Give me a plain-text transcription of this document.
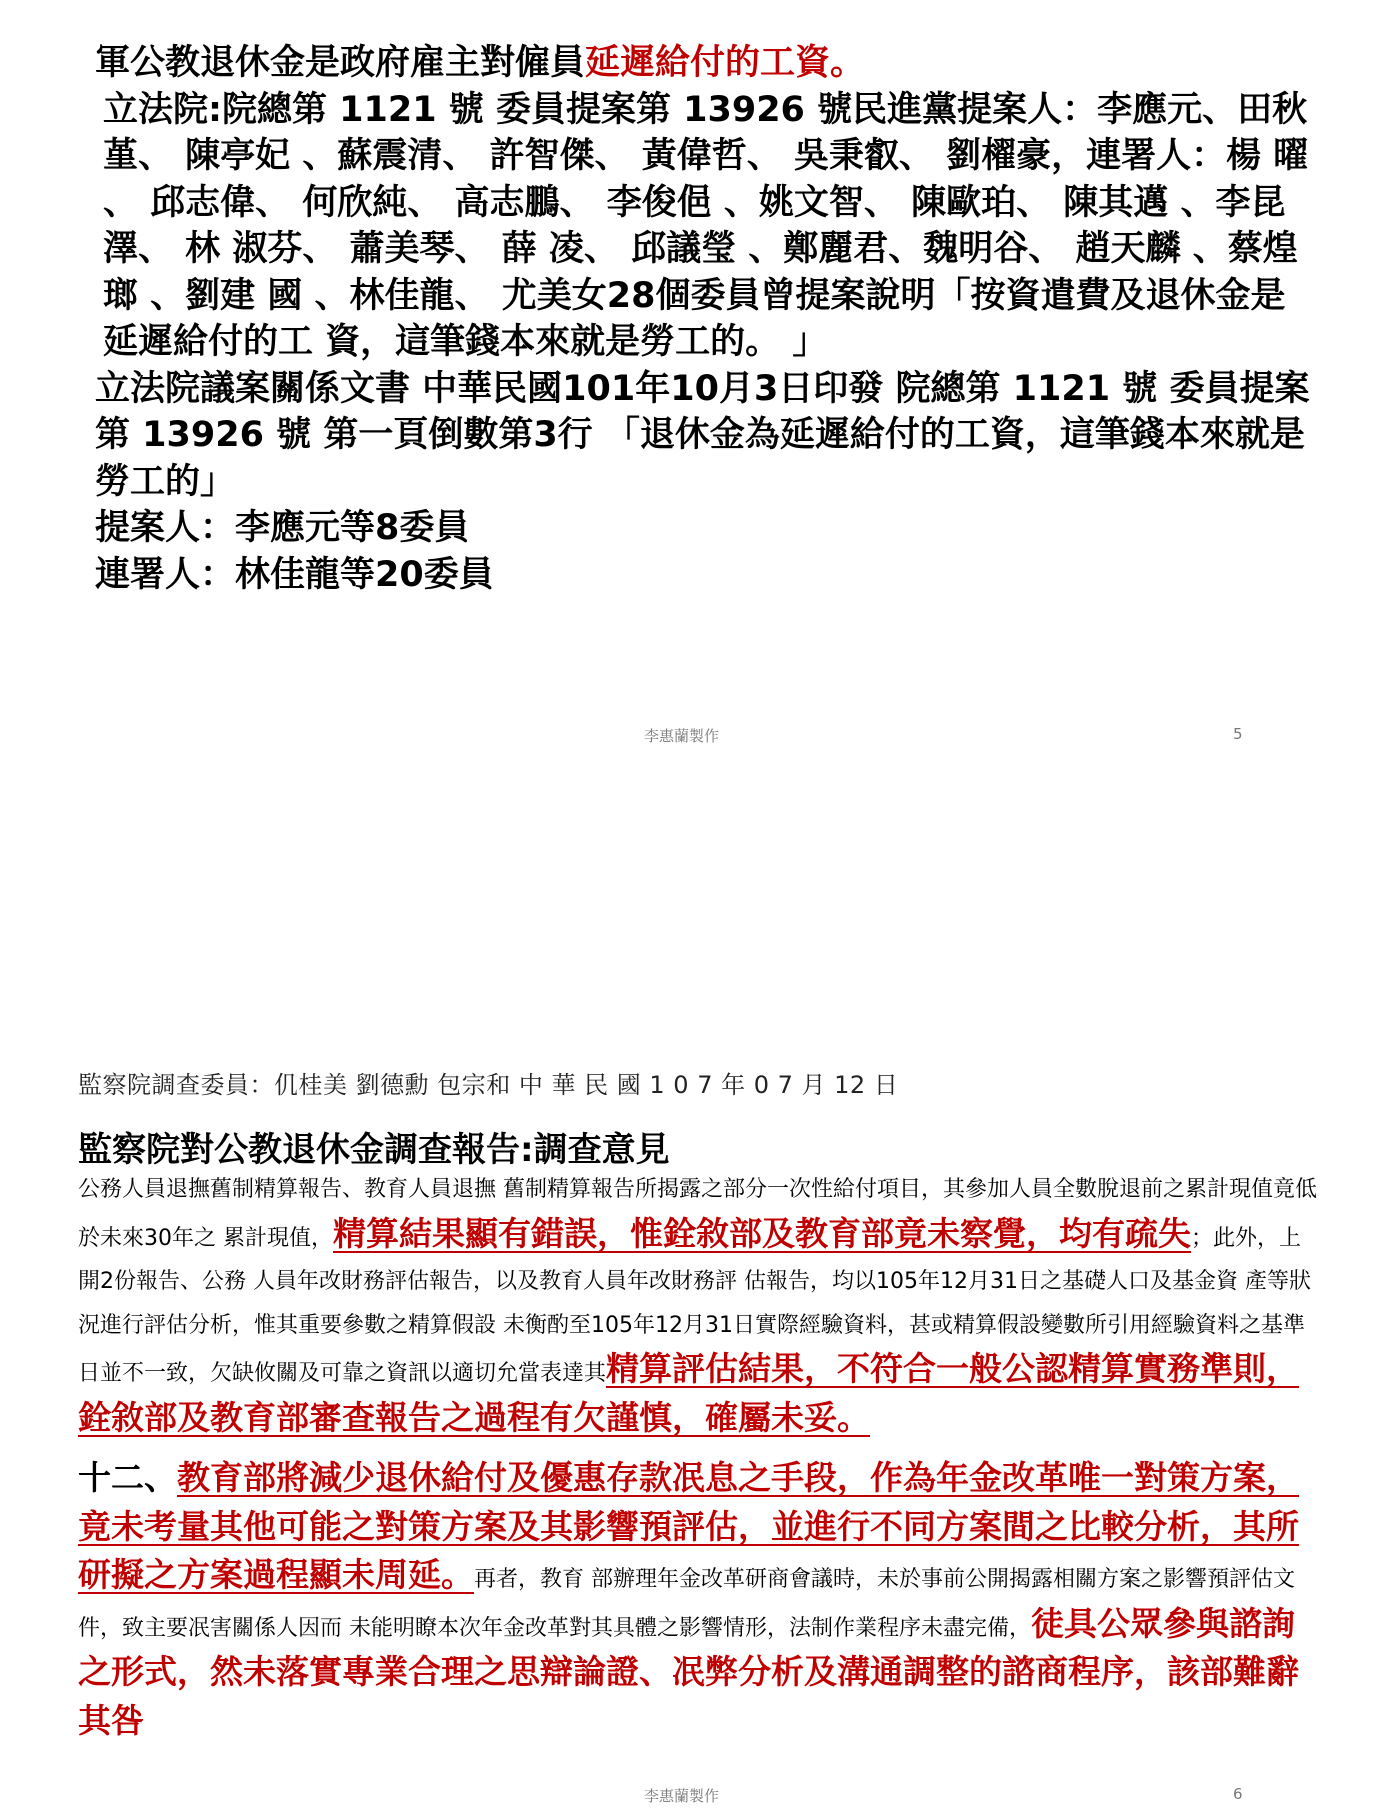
軍公教退休金是政府雇主對僱員延遲給付的工資。

立法院:院總第 1121 號 委員提案第 13926 號民進黨提案人：李應元、田秋 堇、 陳亭妃 、蘇震清、 許智傑、 黃偉哲、 吳秉叡、 劉櫂豪，連署人：楊 曜 、 邱志偉、 何欣純、 高志鵬、 李俊俋 、姚文智、 陳歐珀、 陳其邁 、李昆澤、 林 淑芬、 蕭美琴、 薛 凌、 邱議瑩 、鄭麗君、魏明谷、 趙天麟 、蔡煌瑯 、劉建 國 、林佳龍、 尤美女28個委員曾提案說明「按資遣費及退休金是延遲給付的工 資，這筆錢本來就是勞工的。 」

立法院議案關係文書 中華民國101年10月3日印發 院總第 1121 號 委員提案第 13926 號 第一頁倒數第3行 「退休金為延遲給付的工資，這筆錢本來就是勞工的」

提案人：李應元等8委員

連署人：林佳龍等20委員

李惠蘭製作	5
監察院調查委員：仉桂美 劉德勳 包宗和 中 華 民 國 1 0 7 年 0 7 月 12 日
監察院對公教退休金調查報告:調查意見

公務人員退撫舊制精算報告、教育人員退撫 舊制精算報告所揭露之部分一次性給付項目，其參加人員全數脫退前之累計現值竟低於未來30年之 累計現值，精算結果顯有錯誤，惟銓敘部及教育部竟未察覺，均有疏失；此外，上開2份報告、公務 人員年改財務評估報告，以及教育人員年改財務評 估報告，均以105年12月31日之基礎人口及基金資 產等狀況進行評估分析，惟其重要參數之精算假設 未衡酌至105年12月31日實際經驗資料，甚或精算假設變數所引用經驗資料之基準日並不一致，欠缺攸關及可靠之資訊以適切允當表達其精算評估結果，不符合一般公認精算實務準則，銓敘部及教育部審查報告之過程有欠謹慎，確屬未妥。

十二、教育部將減少退休給付及優惠存款冺息之手段，作為年金改革唯一對策方案，竟未考量其他可能之對策方案及其影響預評估，並進行不同方案間之比較分析，其所研擬之方案過程顯未周延。再者，教育 部辦理年金改革研商會議時，未於事前公開揭露相關方案之影響預評估文件，致主要冺害關係人因而 未能明瞭本次年金改革對其具體之影響情形，法制作業程序未盡完備，徒具公眾參與諮詢之形式，然未落實專業合理之思辯論證、冺弊分析及溝通調整的諮商程序，該部難辭其咎

李惠蘭製作	6
